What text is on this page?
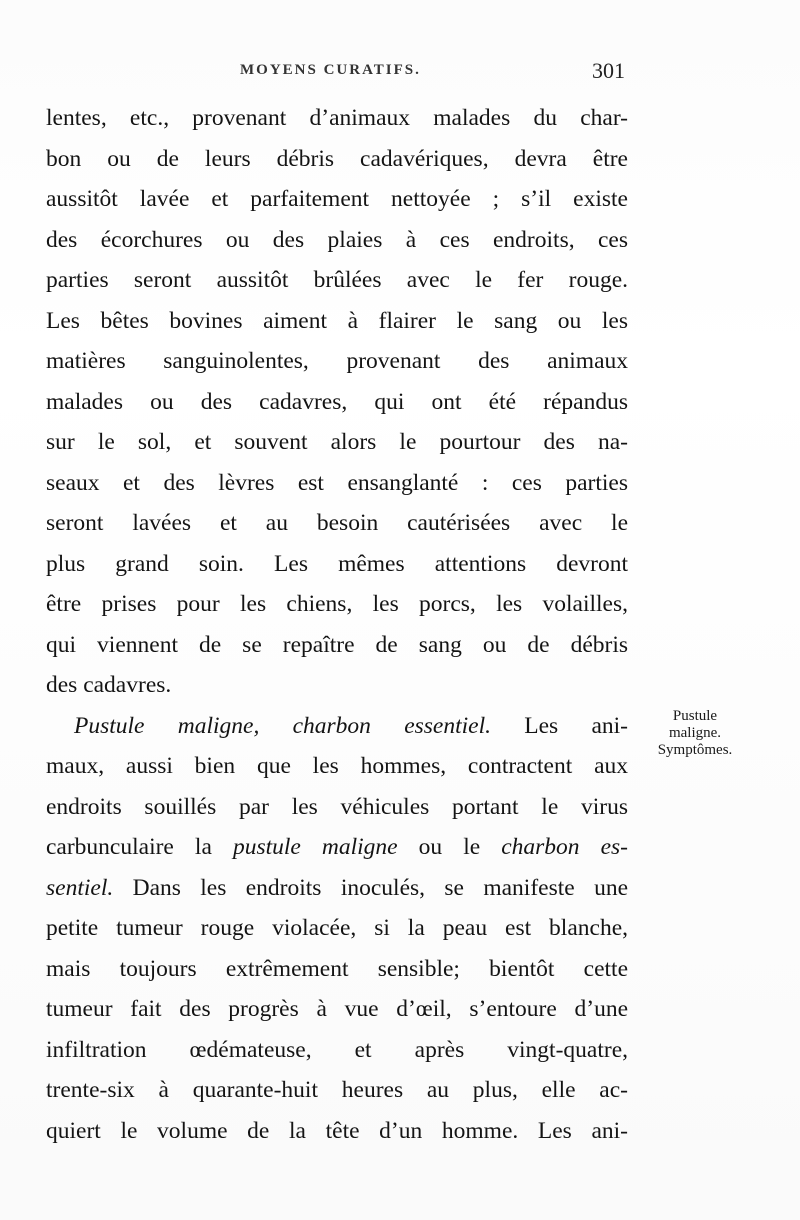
MOYENS CURATIFS.	301
lentes, etc., provenant d’animaux malades du char-
bon ou de leurs débris cadavériques, devra être
aussitôt lavée et parfaitement nettoyée ; s’il existe
des écorchures ou des plaies à ces endroits, ces
parties seront aussitôt brûlées avec le fer rouge.
Les bêtes bovines aiment à flairer le sang ou les
matières sanguinolentes, provenant des animaux
malades ou des cadavres, qui ont été répandus
sur le sol, et souvent alors le pourtour des na-
seaux et des lèvres est ensanglanté : ces parties
seront lavées et au besoin cautérisées avec le
plus grand soin. Les mêmes attentions devront
être prises pour les chiens, les porcs, les volailles,
qui viennent de se repaître de sang ou de débris
des cadavres.
Pustule maligne, charbon essentiel. Les ani-
maux, aussi bien que les hommes, contractent aux
endroits souillés par les véhicules portant le virus
carbunculaire la pustule maligne ou le charbon es-
sentiel. Dans les endroits inoculés, se manifeste une
petite tumeur rouge violacée, si la peau est blanche,
mais toujours extrêmement sensible; bientôt cette
tumeur fait des progrès à vue d’œil, s’entoure d’une
infiltration œdémateuse, et après vingt-quatre,
trente-six à quarante-huit heures au plus, elle ac-
quiert le volume de la tête d’un homme. Les ani-
Pustule
maligne.
Symptômes.
